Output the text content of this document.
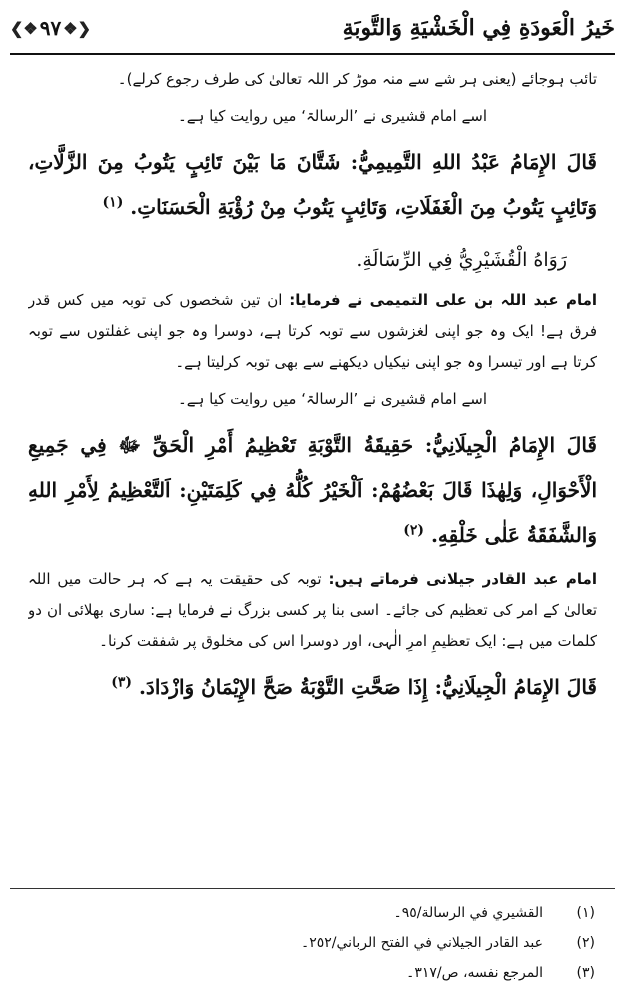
❮❖ ٩٧ ❖❯	خَيرُ الْعَودَةِ فِي الْخَشْيَةِ وَالتَّوبَةِ

تائب ہوجائے (یعنی ہر شے سے منہ موڑ کر اللہ تعالیٰ کی طرف رجوع کرلے)۔

اسے امام قشیری نے ’الرسالۃ‘ میں روایت کیا ہے۔

قَالَ الإِمَامُ عَبْدُ اللهِ التَّمِيمِيُّ: شَتَّانَ مَا بَيْنَ تَائِبٍ يَتُوبُ مِنَ الزَّلَّاتِ، وَتَائِبٍ يَتُوبُ مِنَ الْغَفَلَاتِ، وَتَائِبٍ يَتُوبُ مِنْ رُؤْيَةِ الْحَسَنَاتِ. $^{(١)}$

رَوَاهُ الْقُشَيْرِيُّ فِي الرِّسَالَةِ.

امام عبد اللہ بن علی التمیمی نے فرمایا: ان تین شخصوں کی توبہ میں کس قدر فرق ہے! ایک وہ جو اپنی لغزشوں سے توبہ کرتا ہے، دوسرا وہ جو اپنی غفلتوں سے توبہ کرتا ہے اور تیسرا وہ جو اپنی نیکیاں دیکھنے سے بھی توبہ کرلیتا ہے۔

اسے امام قشیری نے ’الرسالۃ‘ میں روایت کیا ہے۔

قَالَ الإِمَامُ الْجِيلَانِيُّ: حَقِيقَةُ التَّوْبَةِ تَعْظِيمُ أَمْرِ الْحَقِّ ﷻ فِي جَمِيعِ الْأَحْوَالِ، وَلِهٰذَا قَالَ بَعْضُهُمْ: اَلْخَيْرُ كُلُّهُ فِي كَلِمَتَيْنِ: اَلتَّعْظِيمُ لِأَمْرِ اللهِ وَالشَّفَقَةُ عَلٰى خَلْقِهِ. $^{(٢)}$

امام عبد القادر جیلانی فرماتے ہیں: توبہ کی حقیقت یہ ہے کہ ہر حالت میں اللہ تعالیٰ کے امر کی تعظیم کی جائے۔ اسی بنا پر کسی بزرگ نے فرمایا ہے: ساری بھلائی ان دو کلمات میں ہے: ایک تعظیمِ امرِ الٰہی، اور دوسرا اس کی مخلوق پر شفقت کرنا۔

قَالَ الإِمَامُ الْجِيلَانِيُّ: إِذَا صَحَّتِ التَّوْبَةُ صَحَّ الإِيْمَانُ وَازْدَادَ. $^{(٣)}$

(١)
القشيري في الرسالة/٩٥۔
(٢)
عبد القادر الجيلاني في الفتح الرباني/٢٥٢۔
(٣)
المرجع نفسه، ص/٣١٧۔
